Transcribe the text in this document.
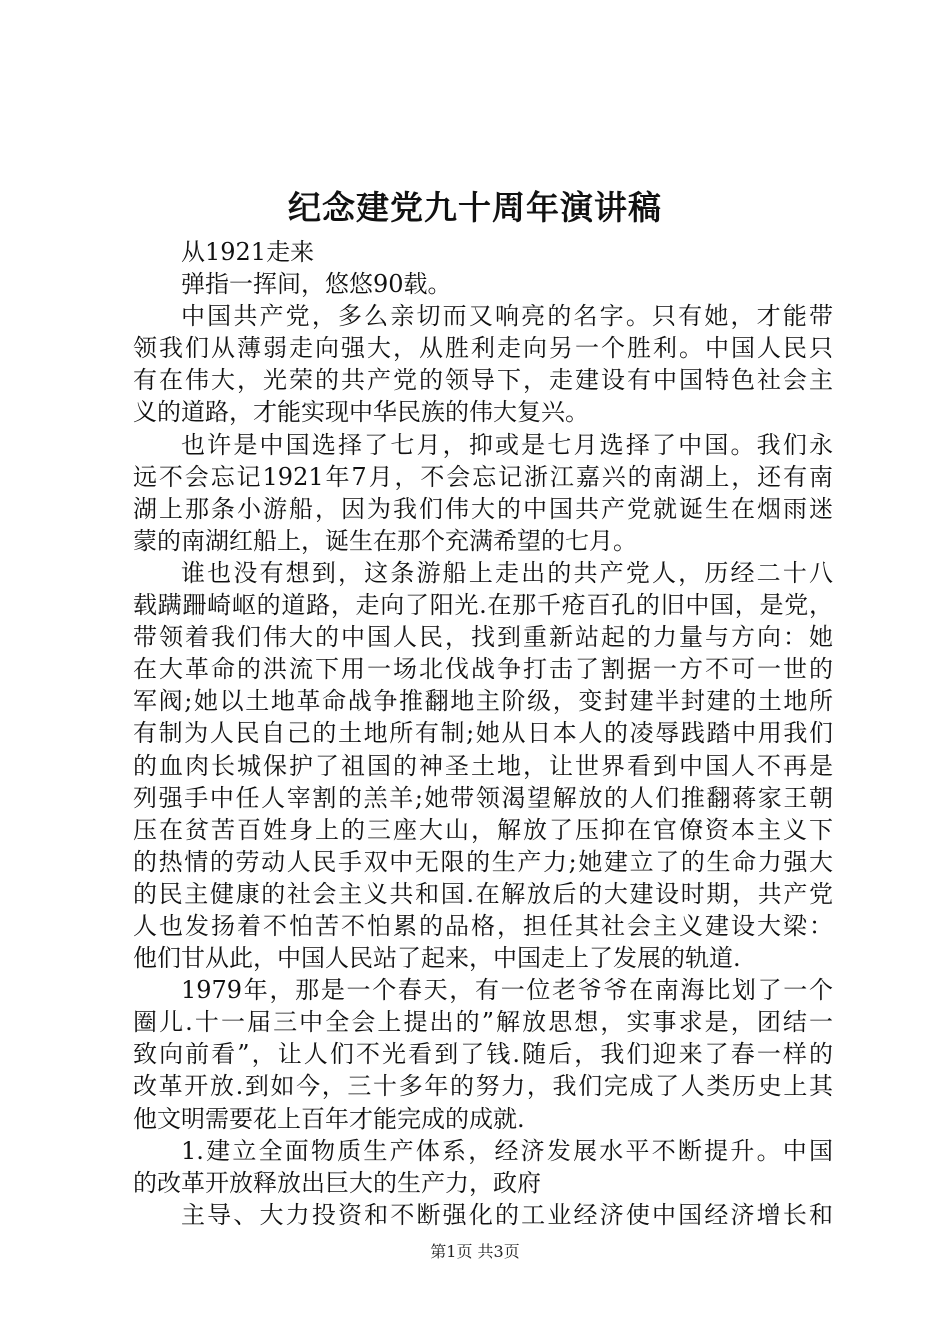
纪念建党九十周年演讲稿
从1921走来
弹指一挥间，悠悠90载。
中国共产党，多么亲切而又响亮的名字。只有她，才能带
领我们从薄弱走向强大，从胜利走向另一个胜利。中国人民只
有在伟大，光荣的共产党的领导下，走建设有中国特色社会主
义的道路，才能实现中华民族的伟大复兴。
也许是中国选择了七月，抑或是七月选择了中国。我们永
远不会忘记1921年7月，不会忘记浙江嘉兴的南湖上，还有南
湖上那条小游船，因为我们伟大的中国共产党就诞生在烟雨迷
蒙的南湖红船上，诞生在那个充满希望的七月。
谁也没有想到，这条游船上走出的共产党人，历经二十八
载蹒跚崎岖的道路，走向了阳光.在那千疮百孔的旧中国，是党，
带领着我们伟大的中国人民，找到重新站起的力量与方向：她
在大革命的洪流下用一场北伐战争打击了割据一方不可一世的
军阀;她以土地革命战争推翻地主阶级，变封建半封建的土地所
有制为人民自己的土地所有制;她从日本人的凌辱践踏中用我们
的血肉长城保护了祖国的神圣土地，让世界看到中国人不再是
列强手中任人宰割的羔羊;她带领渴望解放的人们推翻蒋家王朝
压在贫苦百姓身上的三座大山，解放了压抑在官僚资本主义下
的热情的劳动人民手双中无限的生产力;她建立了的生命力强大
的民主健康的社会主义共和国.在解放后的大建设时期，共产党
人也发扬着不怕苦不怕累的品格，担任其社会主义建设大梁：
他们甘从此，中国人民站了起来，中国走上了发展的轨道.
1979年，那是一个春天，有一位老爷爷在南海比划了一个
圈儿.十一届三中全会上提出的”解放思想，实事求是，团结一
致向前看”，让人们不光看到了钱.随后，我们迎来了春一样的
改革开放.到如今，三十多年的努力，我们完成了人类历史上其
他文明需要花上百年才能完成的成就.
1.建立全面物质生产体系，经济发展水平不断提升。中国
的改革开放释放出巨大的生产力，政府
主导、大力投资和不断强化的工业经济使中国经济增长和
第1页 共3页
